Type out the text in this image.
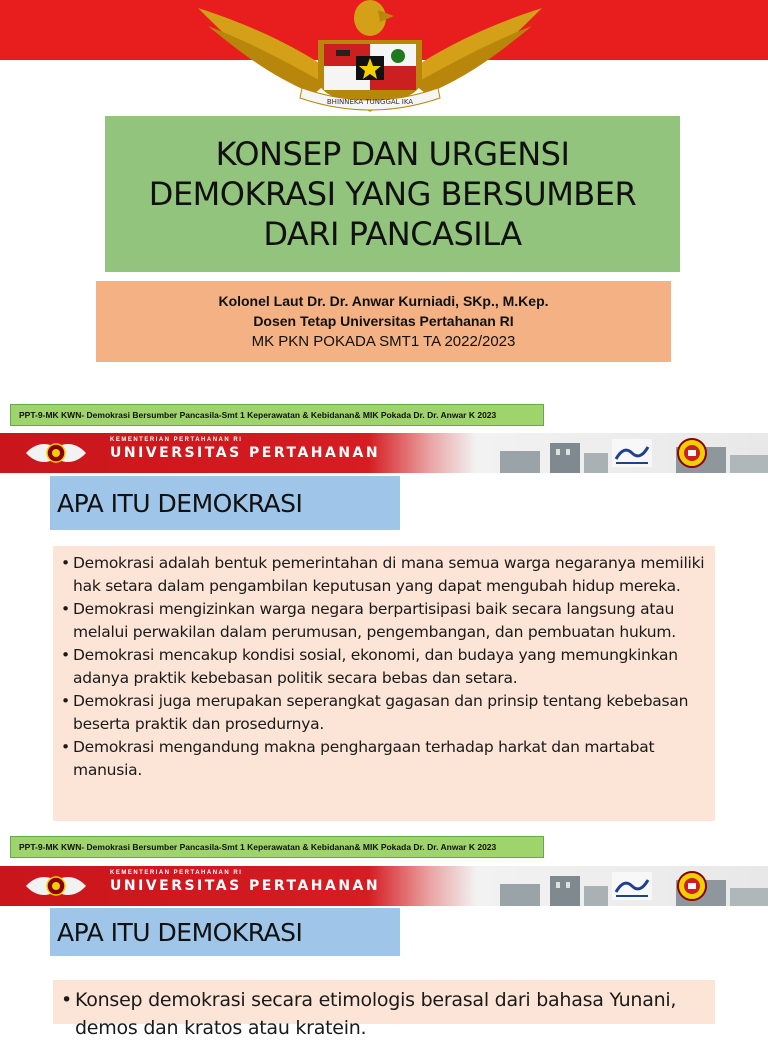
BHINNEKA TUNGGAL IKA
KONSEP DAN URGENSI
DEMOKRASI YANG BERSUMBER
DARI PANCASILA
Kolonel Laut Dr. Dr. Anwar Kurniadi, SKp., M.Kep.
Dosen Tetap Universitas Pertahanan RI
MK PKN POKADA SMT1 TA 2022/2023
PPT-9-MK KWN- Demokrasi Bersumber Pancasila-Smt 1 Keperawatan & Kebidanan& MIK Pokada Dr. Dr. Anwar K 2023
KEMENTERIAN PERTAHANAN RI
UNIVERSITAS PERTAHANAN
APA ITU DEMOKRASI
• Demokrasi adalah bentuk pemerintahan di mana semua warga negaranya memiliki hak setara dalam pengambilan keputusan yang dapat mengubah hidup mereka.
• Demokrasi mengizinkan warga negara berpartisipasi baik secara langsung atau melalui perwakilan dalam perumusan, pengembangan, dan pembuatan hukum.
• Demokrasi mencakup kondisi sosial, ekonomi, dan budaya yang memungkinkan adanya praktik kebebasan politik secara bebas dan setara.
• Demokrasi juga merupakan seperangkat gagasan dan prinsip tentang kebebasan beserta praktik dan prosedurnya.
• Demokrasi mengandung makna penghargaan terhadap harkat dan martabat manusia.
PPT-9-MK KWN- Demokrasi Bersumber Pancasila-Smt 1 Keperawatan & Kebidanan& MIK Pokada Dr. Dr. Anwar K 2023
KEMENTERIAN PERTAHANAN RI
UNIVERSITAS PERTAHANAN
APA ITU DEMOKRASI
• Konsep demokrasi secara etimologis berasal dari bahasa Yunani, demos dan kratos atau kratein.
